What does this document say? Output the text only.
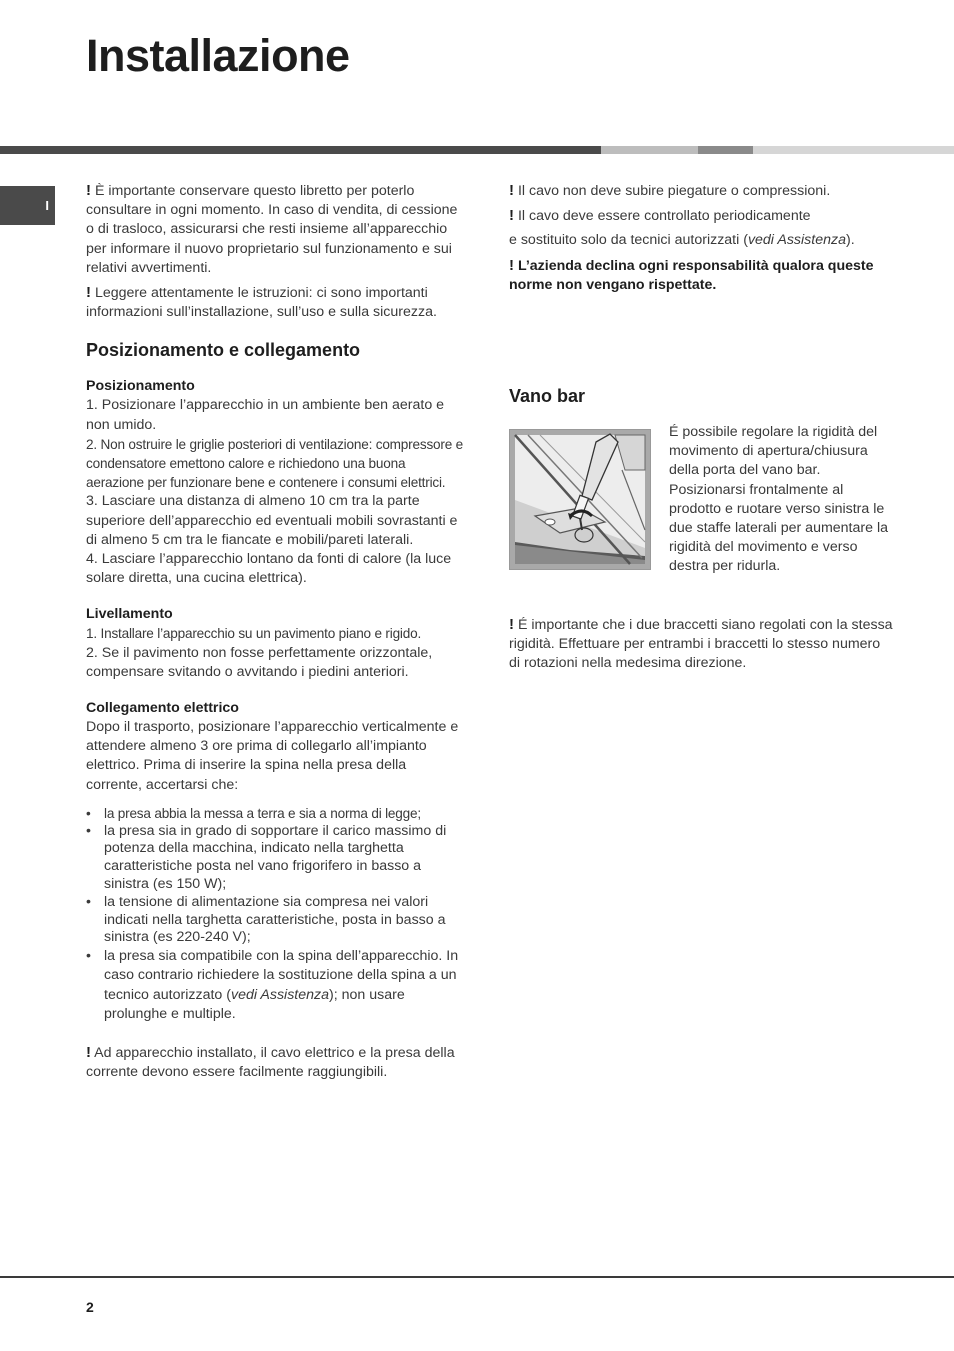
Installazione
I

! È importante conservare questo libretto per poterlo consultare in ogni momento. In caso di vendita, di cessione o di trasloco, assicurarsi che resti insieme all’apparecchio per informare il nuovo proprietario sul funzionamento e sui relativi avvertimenti.

! Leggere attentamente le istruzioni: ci sono importanti informazioni sull’installazione, sull’uso e sulla sicurezza.

Posizionamento e collegamento
Posizionamento

1. Posizionare l’apparecchio in un ambiente ben aerato e non umido.

2. Non ostruire le griglie posteriori di ventilazione: compressore e condensatore emettono calore e richiedono una buona aerazione per funzionare bene e contenere i consumi elettrici.

3. Lasciare una distanza di almeno 10 cm tra la parte superiore dell’apparecchio ed eventuali mobili sovrastanti e di almeno 5 cm tra le fiancate e mobili/pareti laterali.

4. Lasciare l’apparecchio lontano da fonti di calore (la luce solare diretta, una cucina elettrica).

Livellamento

1. Installare l’apparecchio su un pavimento piano e rigido.

2. Se il pavimento non fosse perfettamente orizzontale, compensare svitando o avvitando i piedini anteriori.

Collegamento elettrico

Dopo il trasporto, posizionare l’apparecchio verticalmente e attendere almeno 3 ore prima di collegarlo all’impianto elettrico. Prima di inserire la spina nella presa della corrente, accertarsi che:

• la presa abbia la messa a terra e sia a norma di legge;
• la presa sia in grado di sopportare il carico massimo di potenza della macchina, indicato nella targhetta caratteristiche posta nel vano frigorifero in basso a sinistra (es 150 W);
• la tensione di alimentazione sia compresa nei valori indicati nella targhetta caratteristiche, posta in basso a sinistra (es 220-240 V);
• la presa sia compatibile con la spina dell’apparecchio. In caso contrario richiedere la sostituzione della spina a un tecnico autorizzato (vedi Assistenza); non usare prolunghe e multiple.

! Ad apparecchio installato, il cavo elettrico e la presa della corrente devono essere facilmente raggiungibili.

! Il cavo non deve subire piegature o compressioni.

! Il cavo deve essere controllato periodicamente

e sostituito solo da tecnici autorizzati (vedi Assistenza).

! L’azienda declina ogni responsabilità qualora queste norme non vengano rispettate.

Vano bar
É possibile regolare la rigidità del movimento di apertura/chiusura della porta del vano bar. Posizionarsi frontalmente al prodotto e ruotare verso sinistra le due staffe laterali per aumentare la rigidità del movimento e verso destra per ridurla.
! É importante che i due braccetti siano regolati con la stessa rigidità. Effettuare per entrambi i braccetti lo stesso numero di rotazioni nella medesima direzione.
2
